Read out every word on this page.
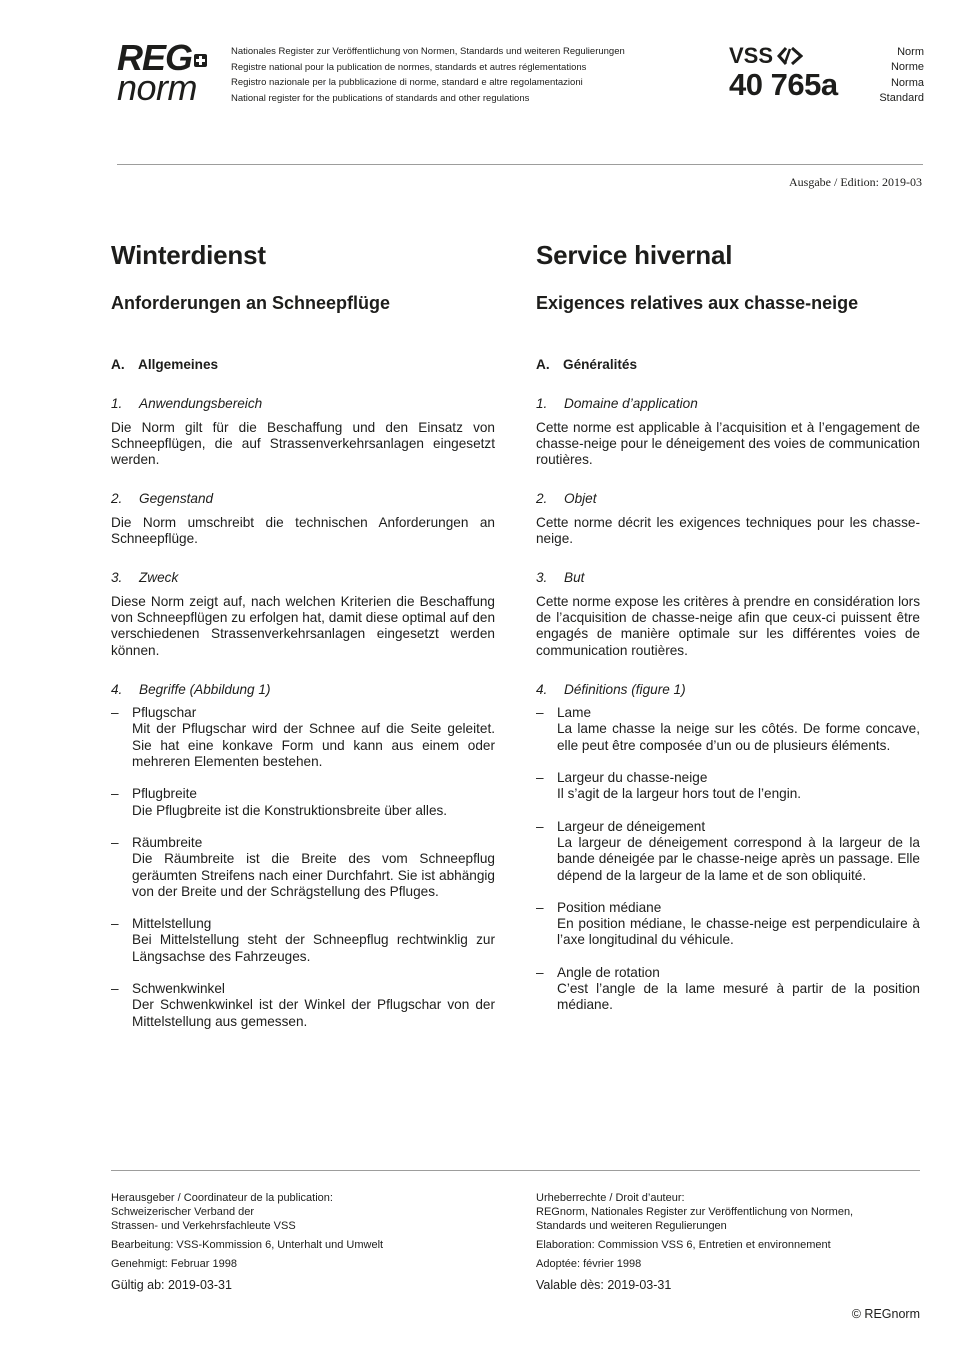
REG
norm
Nationales Register zur Veröffentlichung von Normen, Standards und weiteren Regulierungen
Registre national pour la publication de normes, standards et autres réglementations
Registro nazionale per la pubblicazione di norme, standard e altre regolamentazioni
National register for the publications of standards and other regulations
VSS
40 765a
Norm
Norme
Norma
Standard
Ausgabe / Edition: 2019-03
Winterdienst
Anforderungen an Schneepflüge
A. Allgemeines
1. Anwendungsbereich
Die Norm gilt für die Beschaffung und den Einsatz von Schneepflügen, die auf Strassenverkehrsanlagen eingesetzt werden.
2. Gegenstand
Die Norm umschreibt die technischen Anforderungen an Schneepflüge.
3. Zweck
Diese Norm zeigt auf, nach welchen Kriterien die Beschaffung von Schneepflügen zu erfolgen hat, damit diese optimal auf den verschiedenen Strassenverkehrsanlagen eingesetzt werden können.
4. Begriffe (Abbildung 1)
– Pflugschar
Mit der Pflugschar wird der Schnee auf die Seite geleitet. Sie hat eine konkave Form und kann aus einem oder mehreren Elementen bestehen.
– Pflugbreite
Die Pflugbreite ist die Konstruktionsbreite über alles.
– Räumbreite
Die Räumbreite ist die Breite des vom Schneepflug geräumten Streifens nach einer Durchfahrt. Sie ist abhängig von der Breite und der Schrägstellung des Pfluges.
– Mittelstellung
Bei Mittelstellung steht der Schneepflug rechtwinklig zur Längsachse des Fahrzeuges.
– Schwenkwinkel
Der Schwenkwinkel ist der Winkel der Pflugschar von der Mittelstellung aus gemessen.
Service hivernal
Exigences relatives aux chasse-neige
A. Généralités
1. Domaine d’application
Cette norme est applicable à l’acquisition et à l’engagement de chasse-neige pour le déneigement des voies de communication routières.
2. Objet
Cette norme décrit les exigences techniques pour les chasse-neige.
3. But
Cette norme expose les critères à prendre en considération lors de l’acquisition de chasse-neige afin que ceux-ci puissent être engagés de manière optimale sur les différentes voies de communication routières.
4. Définitions (figure 1)
– Lame
La lame chasse la neige sur les côtés. De forme concave, elle peut être composée d’un ou de plusieurs éléments.
– Largeur du chasse-neige
Il s’agit de la largeur hors tout de l’engin.
– Largeur de déneigement
La largeur de déneigement correspond à la largeur de la bande déneigée par le chasse-neige après un passage. Elle dépend de la largeur de la lame et de son obliquité.
– Position médiane
En position médiane, le chasse-neige est perpendiculaire à l’axe longitudinal du véhicule.
– Angle de rotation
C’est l’angle de la lame mesuré à partir de la position médiane.
Herausgeber / Coordinateur de la publication:
Schweizerischer Verband der
Strassen- und Verkehrsfachleute VSS
Bearbeitung: VSS-Kommission 6, Unterhalt und Umwelt
Genehmigt: Februar 1998
Gültig ab: 2019-03-31
Urheberrechte / Droit d’auteur:
REGnorm, Nationales Register zur Veröffentlichung von Normen,
Standards und weiteren Regulierungen
Elaboration: Commission VSS 6, Entretien et environnement
Adoptée: février 1998
Valable dès: 2019-03-31
© REGnorm
